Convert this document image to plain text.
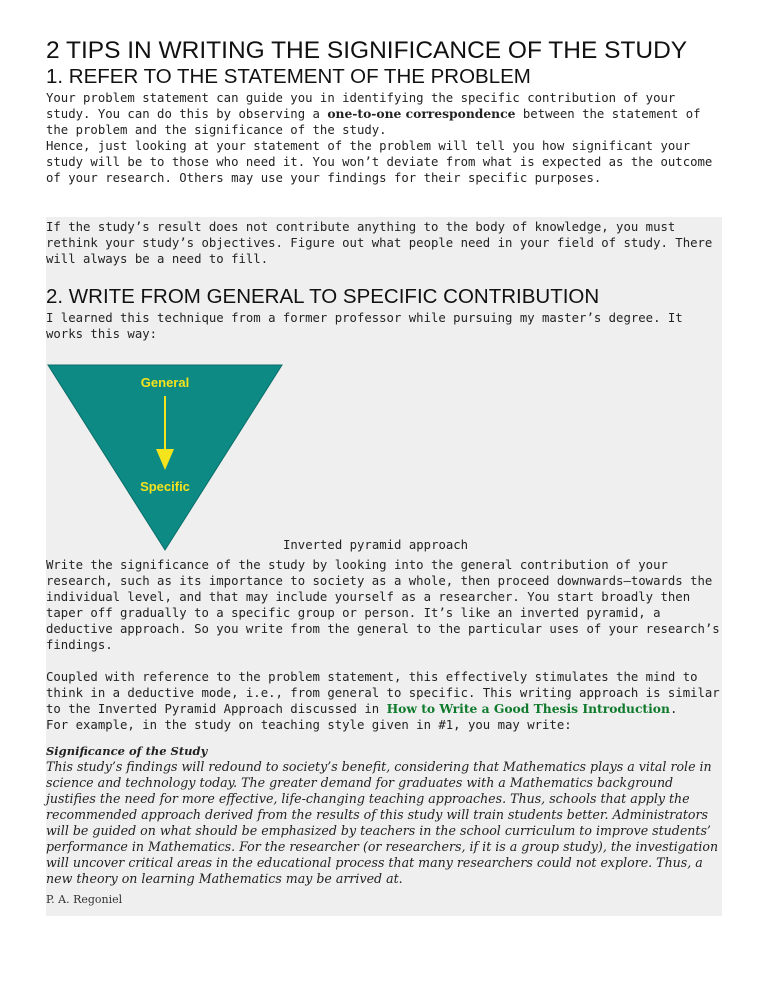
2 TIPS IN WRITING THE SIGNIFICANCE OF THE STUDY
1. REFER TO THE STATEMENT OF THE PROBLEM

Your problem statement can guide you in identifying the specific contribution of your study. You can do this by observing a one-to-one correspondence between the statement of the problem and the significance of the study.

Hence, just looking at your statement of the problem will tell you how significant your study will be to those who need it. You won’t deviate from what is expected as the outcome of your research. Others may use your findings for their specific purposes.

If the study’s result does not contribute anything to the body of knowledge, you must rethink your study’s objectives. Figure out what people need in your field of study. There will always be a need to fill.

2. WRITE FROM GENERAL TO SPECIFIC CONTRIBUTION

I learned this technique from a former professor while pursuing my master’s degree. It works this way:

General
Specific

Inverted pyramid approach

Write the significance of the study by looking into the general contribution of your research, such as its importance to society as a whole, then proceed downwards—towards the individual level, and that may include yourself as a researcher. You start broadly then taper off gradually to a specific group or person. It’s like an inverted pyramid, a deductive approach. So you write from the general to the particular uses of your research’s findings.

Coupled with reference to the problem statement, this effectively stimulates the mind to think in a deductive mode, i.e., from general to specific. This writing approach is similar to the Inverted Pyramid Approach discussed in How to Write a Good Thesis Introduction.

For example, in the study on teaching style given in #1, you may write:

Significance of the Study

This study’s findings will redound to society’s benefit, considering that Mathematics plays a vital role in science and technology today. The greater demand for graduates with a Mathematics background justifies the need for more effective, life-changing teaching approaches. Thus, schools that apply the recommended approach derived from the results of this study will train students better. Administrators will be guided on what should be emphasized by teachers in the school curriculum to improve students’ performance in Mathematics. For the researcher (or researchers, if it is a group study), the investigation will uncover critical areas in the educational process that many researchers could not explore. Thus, a new theory on learning Mathematics may be arrived at.

P. A. Regoniel
